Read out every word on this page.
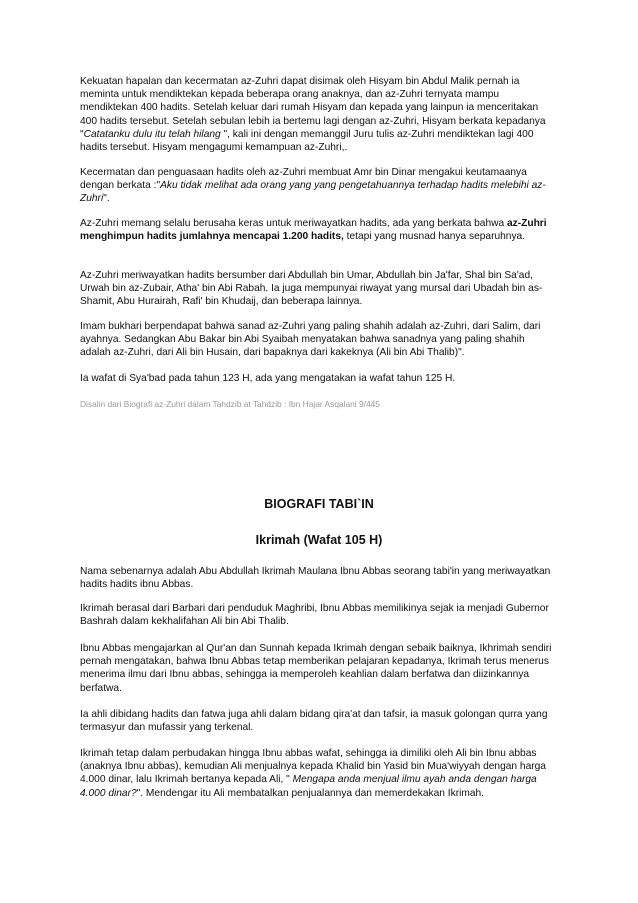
Kekuatan hapalan dan kecermatan az-Zuhri dapat disimak oleh Hisyam bin Abdul Malik pernah ia meminta untuk mendiktekan kepada beberapa orang anaknya, dan az-Zuhri ternyata mampu mendiktekan 400 hadits. Setelah keluar dari rumah Hisyam dan kepada yang lainpun ia menceritakan 400 hadits tersebut. Setelah sebulan lebih ia bertemu lagi dengan az-Zuhri, Hisyam berkata kepadanya "Catatanku dulu itu telah hilang ", kali ini dengan memanggil Juru tulis az-Zuhri mendiktekan lagi 400 hadits tersebut. Hisyam mengagumi kemampuan az-Zuhri,.

Kecermatan dan penguasaan hadits oleh az-Zuhri membuat Amr bin Dinar mengakui keutamaanya dengan berkata :"Aku tidak melihat ada orang yang yang pengetahuannya terhadap hadits melebihi az-Zuhri".

Az-Zuhri memang selalu berusaha keras untuk meriwayatkan hadits, ada yang berkata bahwa az-Zuhri menghimpun hadits jumlahnya mencapai 1.200 hadits, tetapi yang musnad hanya separuhnya.

Az-Zuhri meriwayatkan hadits bersumber dari Abdullah bin Umar, Abdullah bin Ja'far, Shal bin Sa'ad, Urwah bin az-Zubair, Atha' bin Abi Rabah. Ia juga mempunyai riwayat yang mursal dari Ubadah bin as-Shamit, Abu Hurairah, Rafi' bin Khudaij, dan beberapa lainnya.

Imam bukhari berpendapat bahwa sanad az-Zuhri yang paling shahih adalah az-Zuhri, dari Salim, dari ayahnya. Sedangkan Abu Bakar bin Abi Syaibah menyatakan bahwa sanadnya yang paling shahih adalah az-Zuhri, dari Ali bin Husain, dari bapaknya dari kakeknya (Ali bin Abi Thalib)".

Ia wafat di Sya'bad pada tahun 123 H, ada yang mengatakan ia wafat tahun 125 H.

Disalin dari Biografi az-Zuhri dalam Tahdzib at Tahdzib : Ibn Hajar Asqalani 9/445
BIOGRAFI TABI`IN
Ikrimah (Wafat 105 H)

Nama sebenarnya adalah Abu Abdullah Ikrimah Maulana Ibnu Abbas seorang tabi'in yang meriwayatkan hadits hadits ibnu Abbas.

Ikrimah berasal dari Barbari dari penduduk Maghribi, Ibnu Abbas memilikinya sejak ia menjadi Gubernor Bashrah dalam kekhalifahan Ali bin Abi Thalib.

Ibnu Abbas mengajarkan al Qur'an dan Sunnah kepada Ikrimah dengan sebaik baiknya, Ikhrimah sendiri pernah mengatakan, bahwa Ibnu Abbas tetap memberikan pelajaran kepadanya, Ikrimah terus menerus menerima ilmu dari Ibnu abbas, sehingga ia memperoleh keahlian dalam berfatwa dan diizinkannya berfatwa.

Ia ahli dibidang hadits dan fatwa juga ahli dalam bidang qira'at dan tafsir, ia masuk golongan qurra yang termasyur dan mufassir yang terkenal.

Ikrimah tetap dalam perbudakan hingga Ibnu abbas wafat, sehingga ia dimiliki oleh Ali bin Ibnu abbas (anaknya Ibnu abbas), kemudian Ali menjualnya kepada Khalid bin Yasid bin Mua'wiyyah dengan harga 4.000 dinar, lalu Ikrimah bertanya kepada Ali, " Mengapa anda menjual ilmu ayah anda dengan harga 4.000 dinar?". Mendengar itu Ali membatalkan penjualannya dan memerdekakan Ikrimah.
